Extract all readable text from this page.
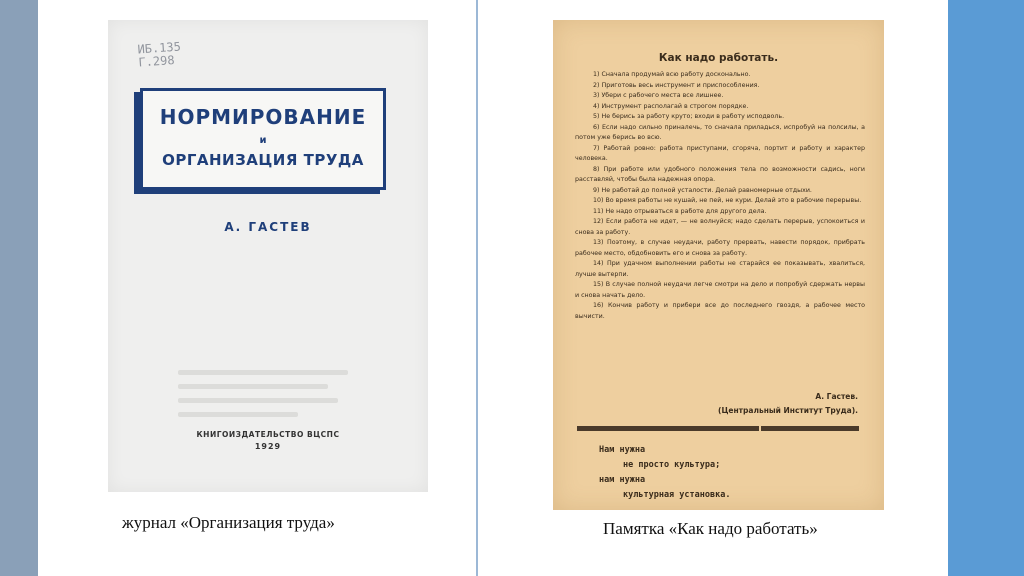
ИБ.135
Г.298
НОРМИРОВАНИЕ
и
ОРГАНИЗАЦИЯ ТРУДА
А. ГАСТЕВ
КНИГОИЗДАТЕЛЬСТВО ВЦСПС
1929
Как надо работать.

1) Сначала продумай всю работу досконально.

2) Приготовь весь инструмент и приспособления.

3) Убери с рабочего места все лишнее.

4) Инструмент располагай в строгом порядке.

5) Не берись за работу круто; входи в работу исподволь.

6) Если надо сильно приналечь, то сначала приладься, испробуй на полсилы, а потом уже берись во всю.

7) Работай ровно: работа приступами, сгоряча, портит и работу и характер человека.

8) При работе или удобного положения тела по возможности садись, ноги расставляй, чтобы была надежная опора.

9) Не работай до полной усталости. Делай равномерные отдыхи.

10) Во время работы не кушай, не пей, не кури. Делай это в рабочие перерывы.

11) Не надо отрываться в работе для другого дела.

12) Если работа не идет, — не волнуйся; надо сделать перерыв, успокоиться и снова за работу.

13) Поэтому, в случае неудачи, работу прервать, навести порядок, прибрать рабочее место, обдобновить его и снова за работу.

14) При удачном выполнении работы не старайся ее показывать, хвалиться, лучше вытерпи.

15) В случае полной неудачи легче смотри на дело и попробуй сдержать нервы и снова начать дело.

16) Кончив работу и прибери все до последнего гвоздя, а рабочее место вычисти.

А. Гастев.
(Центральный Институт Труда).
Нам нужна
не просто культура;
нам нужна
культурная установка.
журнал «Организация труда»	Памятка «Как надо работать»
